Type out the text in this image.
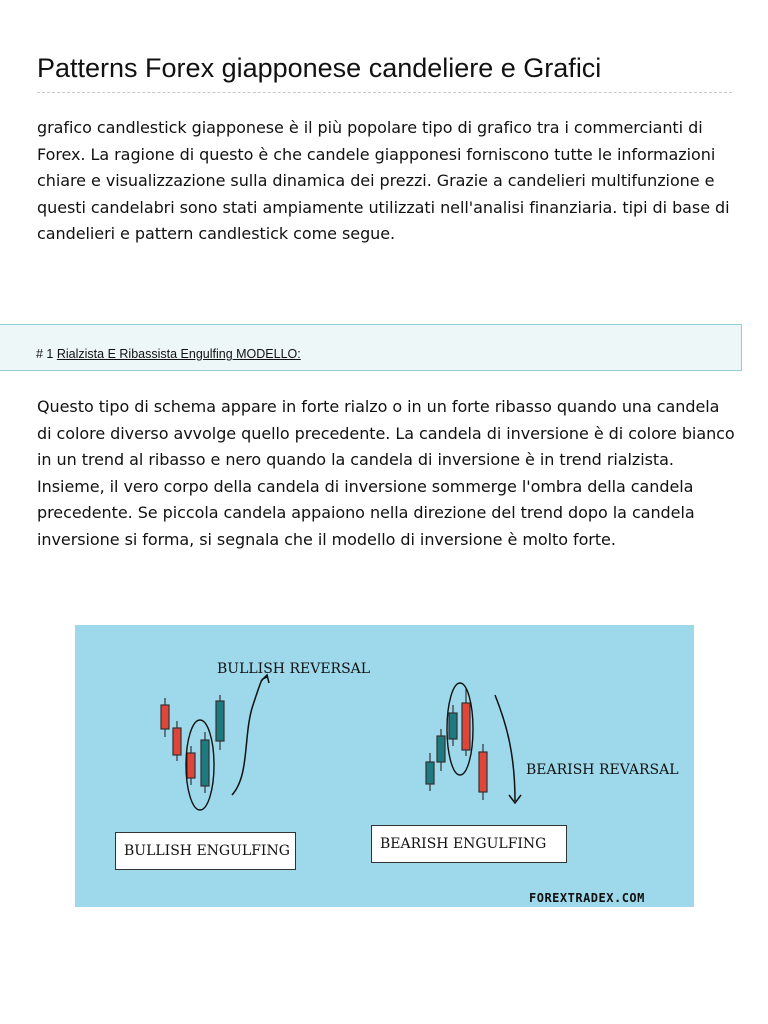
Patterns Forex giapponese candeliere e Grafici

grafico candlestick giapponese è il più popolare tipo di grafico tra i commercianti di Forex. La ragione di questo è che candele giapponesi forniscono tutte le informazioni chiare e visualizzazione sulla dinamica dei prezzi. Grazie a candelieri multifunzione e questi candelabri sono stati ampiamente utilizzati nell'analisi finanziaria. tipi di base di candelieri e pattern candlestick come segue.

# 1 Rialzista E Ribassista Engulfing MODELLO:

Questo tipo di schema appare in forte rialzo o in un forte ribasso quando una candela di colore diverso avvolge quello precedente. La candela di inversione è di colore bianco in un trend al ribasso e nero quando la candela di inversione è in trend rialzista. Insieme, il vero corpo della candela di inversione sommerge l'ombra della candela precedente. Se piccola candela appaiono nella direzione del trend dopo la candela inversione si forma, si segnala che il modello di inversione è molto forte.

BULLISH REVERSAL
BEARISH REVARSAL
BULLISH ENGULFING	BEARISH ENGULFING
FOREXTRADEX.COM
